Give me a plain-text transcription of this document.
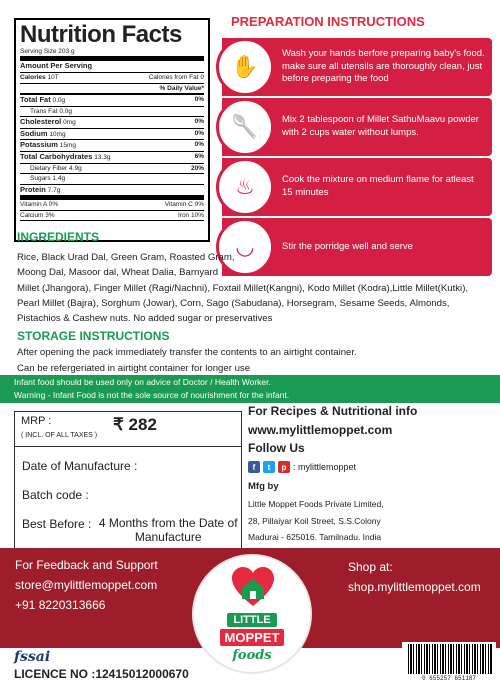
Nutrition Facts
Serving Size 203 g
Amount Per Serving
Calories 10T	Calories from Fat 0
% Daily Value*
Total Fat 0.0g	0%
Trans Fat 0.0g
Cholesterol 0mg	0%
Sodium 10mg	0%
Potassium 15mg	0%
Total Carbohydrates 13.3g	6%
Dietary Fiber 4.9g	20%
Sugars 1.4g
Protein 7.7g
Vitamin A 0%	Vitamin C 0%
Calcium 3%	Iron 10%
PREPARATION INSTRUCTIONS
✋
Wash your hands berfore preparing baby's food. make sure all utensils are thoroughly clean, just before preparing the food
🥄	Mix 2 tablespoon of Millet SathuMaavu powder with 2 cups water without lumps.
♨	Cook the mixture on medium flame for atleast 15 minutes
◡	Stir the porridge well and serve
INGREDIENTS
Rice, Black Urad Dal, Green Gram, Roasted Gram, Moong Dal, Masoor dal, Wheat Dalia, Barnyard
Millet (Jhangora), Finger Millet (Ragi/Nachni), Foxtail Millet(Kangni), Kodo Millet (Kodra),Little Millet(Kutki), Pearl Millet (Bajra), Sorghum (Jowar), Corn, Sago (Sabudana), Horsegram, Sesame Seeds, Almonds, Pistachios & Cashew nuts. No added sugar or preservatives
STORAGE INSTRUCTIONS
After opening the pack immediately transfer the contents to an airtight container.
Can be refergeriated in airtight container for longer use
Infant food should be used only on advice of Doctor / Health Worker.
Warning - Infant Food is not the sole source of nourishment for the infant.
MRP :
( INCL. OF ALL TAXES )
₹ 282
Date of Manufacture :
Batch code :
Best Before : 4 Months from the Date of Manufacture
For Recipes & Nutritional info
www.mylittlemoppet.com
Follow Us
f	t	p : mylittlemoppet
Mfg by
Little Moppet Foods Private Limited,
28, Pillaiyar Koil Street, S.S.Colony
Madurai - 625016. Tamilnadu. India
For Feedback and Support
store@mylittlemoppet.com
+91 8220313666
Shop at:
shop.mylittlemoppet.com
LITTLE
MOPPET
foods
fssai
LICENCE NO :12415012000670	0 655257 651187
